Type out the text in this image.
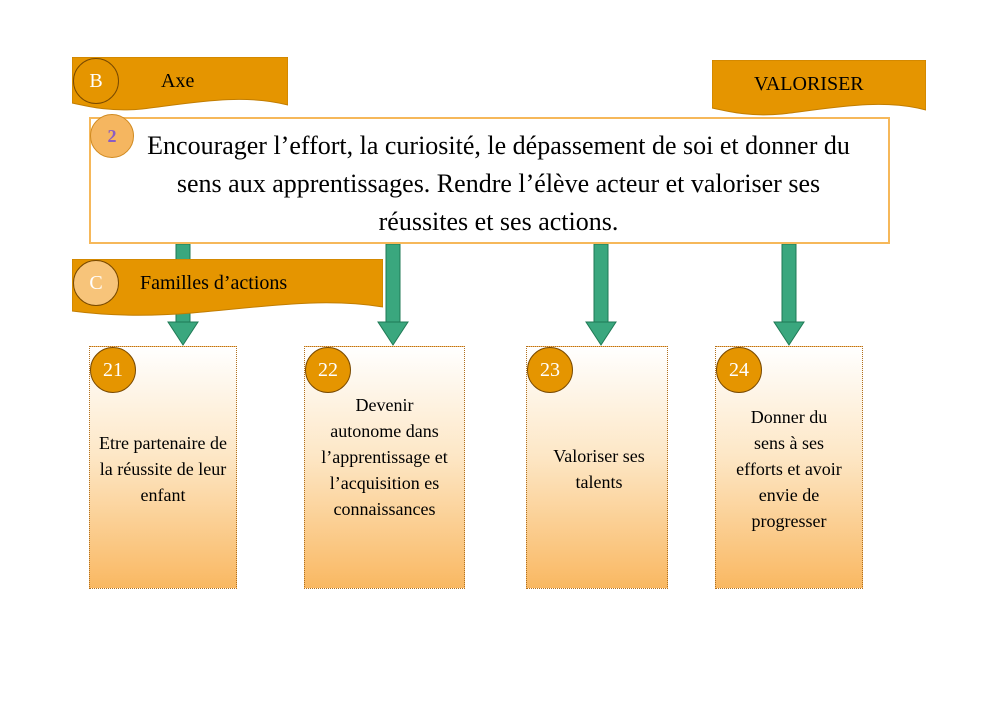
Axe
B	VALORISER
Encourager l’effort, la curiosité, le dépassement de soi et donner du sens aux apprentissages. Rendre l’élève acteur et valoriser ses réussites et ses actions.
2
Familles d’actions
C
Etre partenaire de la réussite de leur enfant
21
Devenir autonome dans l’apprentissage et l’acquisition es connaissances
22
Valoriser ses talents
23
Donner du sens à ses efforts et avoir envie de progresser
24
